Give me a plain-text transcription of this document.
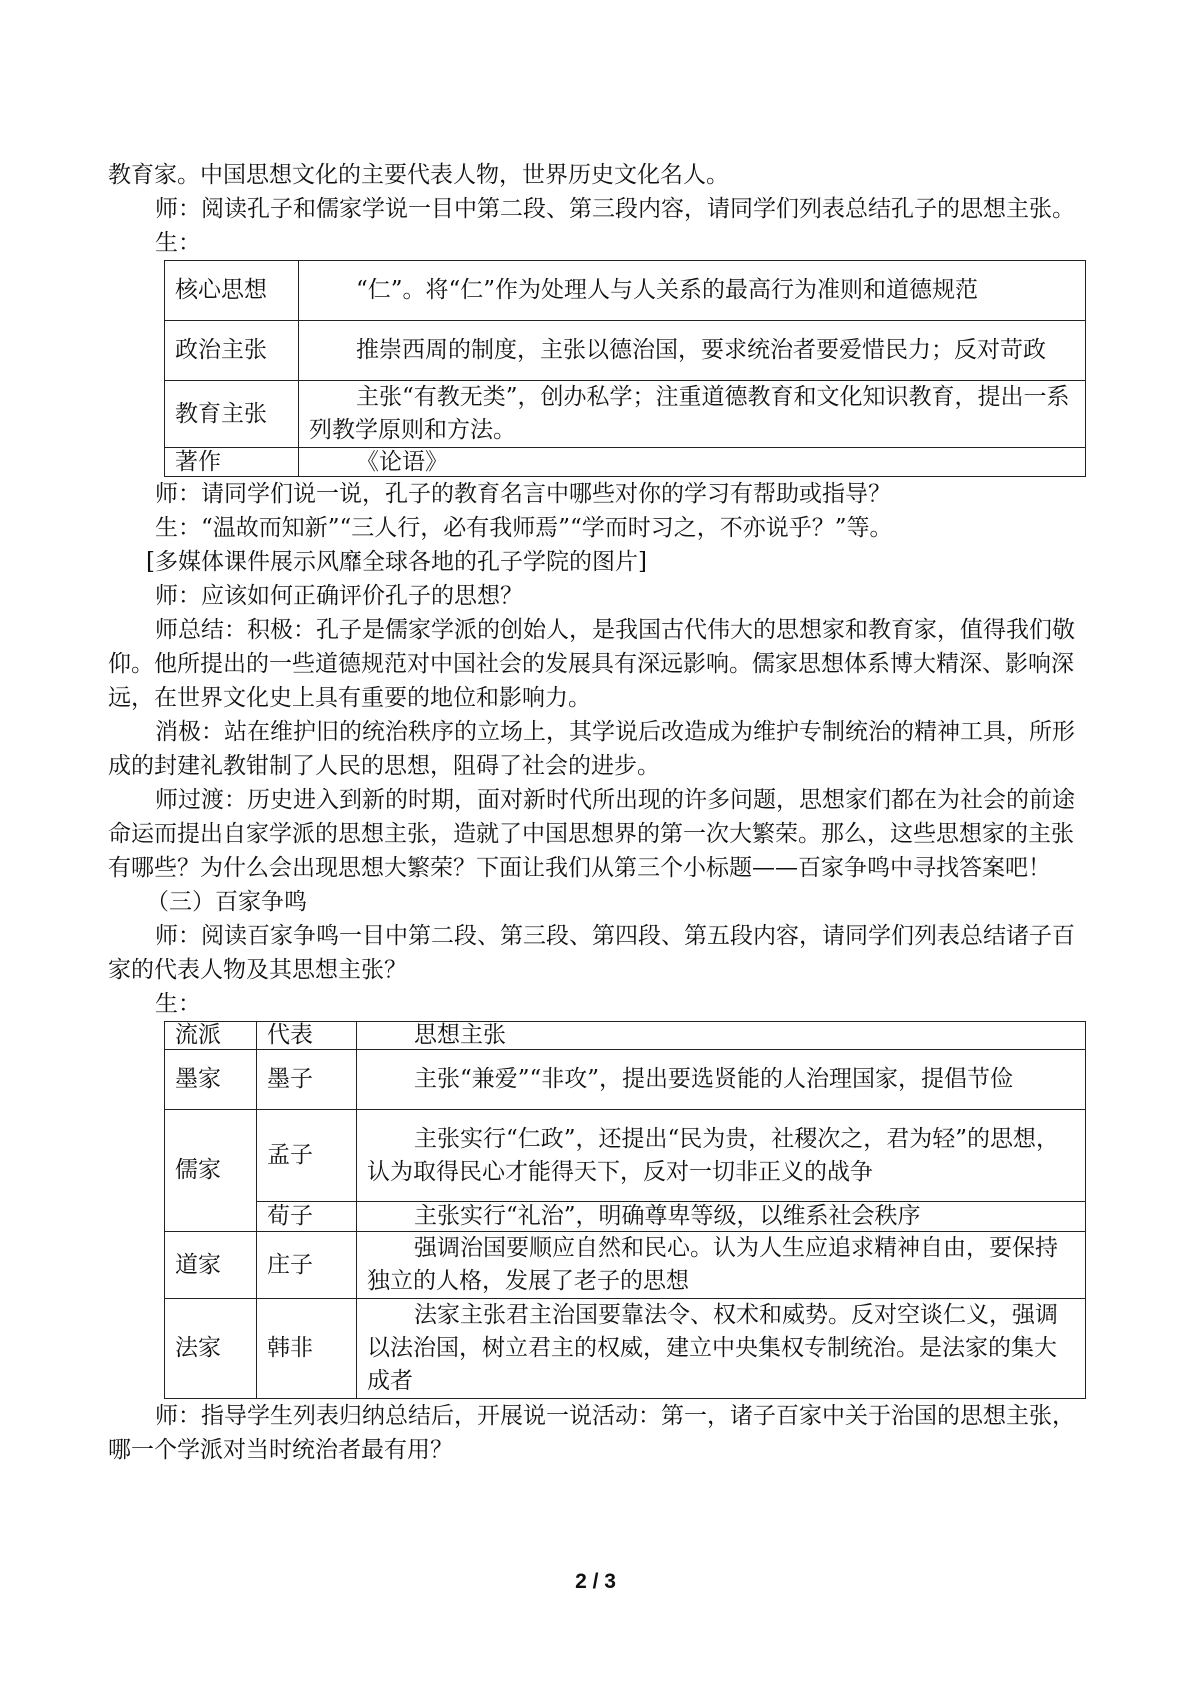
教育家。中国思想文化的主要代表人物，世界历史文化名人。

师：阅读孔子和儒家学说一目中第二段、第三段内容，请同学们列表总结孔子的思想主张。

生：

核心思想	“仁”。将“仁”作为处理人与人关系的最高行为准则和道德规范
政治主张	推崇西周的制度，主张以德治国，要求统治者要爱惜民力；反对苛政
教育主张	主张“有教无类”，创办私学；注重道德教育和文化知识教育，提出一系列教学原则和方法。
著作	《论语》

师：请同学们说一说，孔子的教育名言中哪些对你的学习有帮助或指导？

生：“温故而知新”“三人行，必有我师焉”“学而时习之，不亦说乎？”等。

[多媒体课件展示风靡全球各地的孔子学院的图片]

师：应该如何正确评价孔子的思想？

师总结：积极：孔子是儒家学派的创始人，是我国古代伟大的思想家和教育家，值得我们敬仰。他所提出的一些道德规范对中国社会的发展具有深远影响。儒家思想体系博大精深、影响深远，在世界文化史上具有重要的地位和影响力。

消极：站在维护旧的统治秩序的立场上，其学说后改造成为维护专制统治的精神工具，所形成的封建礼教钳制了人民的思想，阻碍了社会的进步。

师过渡：历史进入到新的时期，面对新时代所出现的许多问题，思想家们都在为社会的前途命运而提出自家学派的思想主张，造就了中国思想界的第一次大繁荣。那么，这些思想家的主张有哪些？为什么会出现思想大繁荣？下面让我们从第三个小标题——百家争鸣中寻找答案吧！

（三）百家争鸣

师：阅读百家争鸣一目中第二段、第三段、第四段、第五段内容，请同学们列表总结诸子百家的代表人物及其思想主张？

生：

流派	代表	思想主张
墨家	墨子	主张“兼爱”“非攻”，提出要选贤能的人治理国家，提倡节俭
儒家	孟子	主张实行“仁政”，还提出“民为贵，社稷次之，君为轻”的思想，认为取得民心才能得天下，反对一切非正义的战争
	荀子	主张实行“礼治”，明确尊卑等级，以维系社会秩序
道家	庄子	强调治国要顺应自然和民心。认为人生应追求精神自由，要保持独立的人格，发展了老子的思想
法家	韩非	法家主张君主治国要靠法令、权术和威势。反对空谈仁义，强调以法治国，树立君主的权威，建立中央集权专制统治。是法家的集大成者

师：指导学生列表归纳总结后，开展说一说活动：第一，诸子百家中关于治国的思想主张，哪一个学派对当时统治者最有用？

2 / 3
